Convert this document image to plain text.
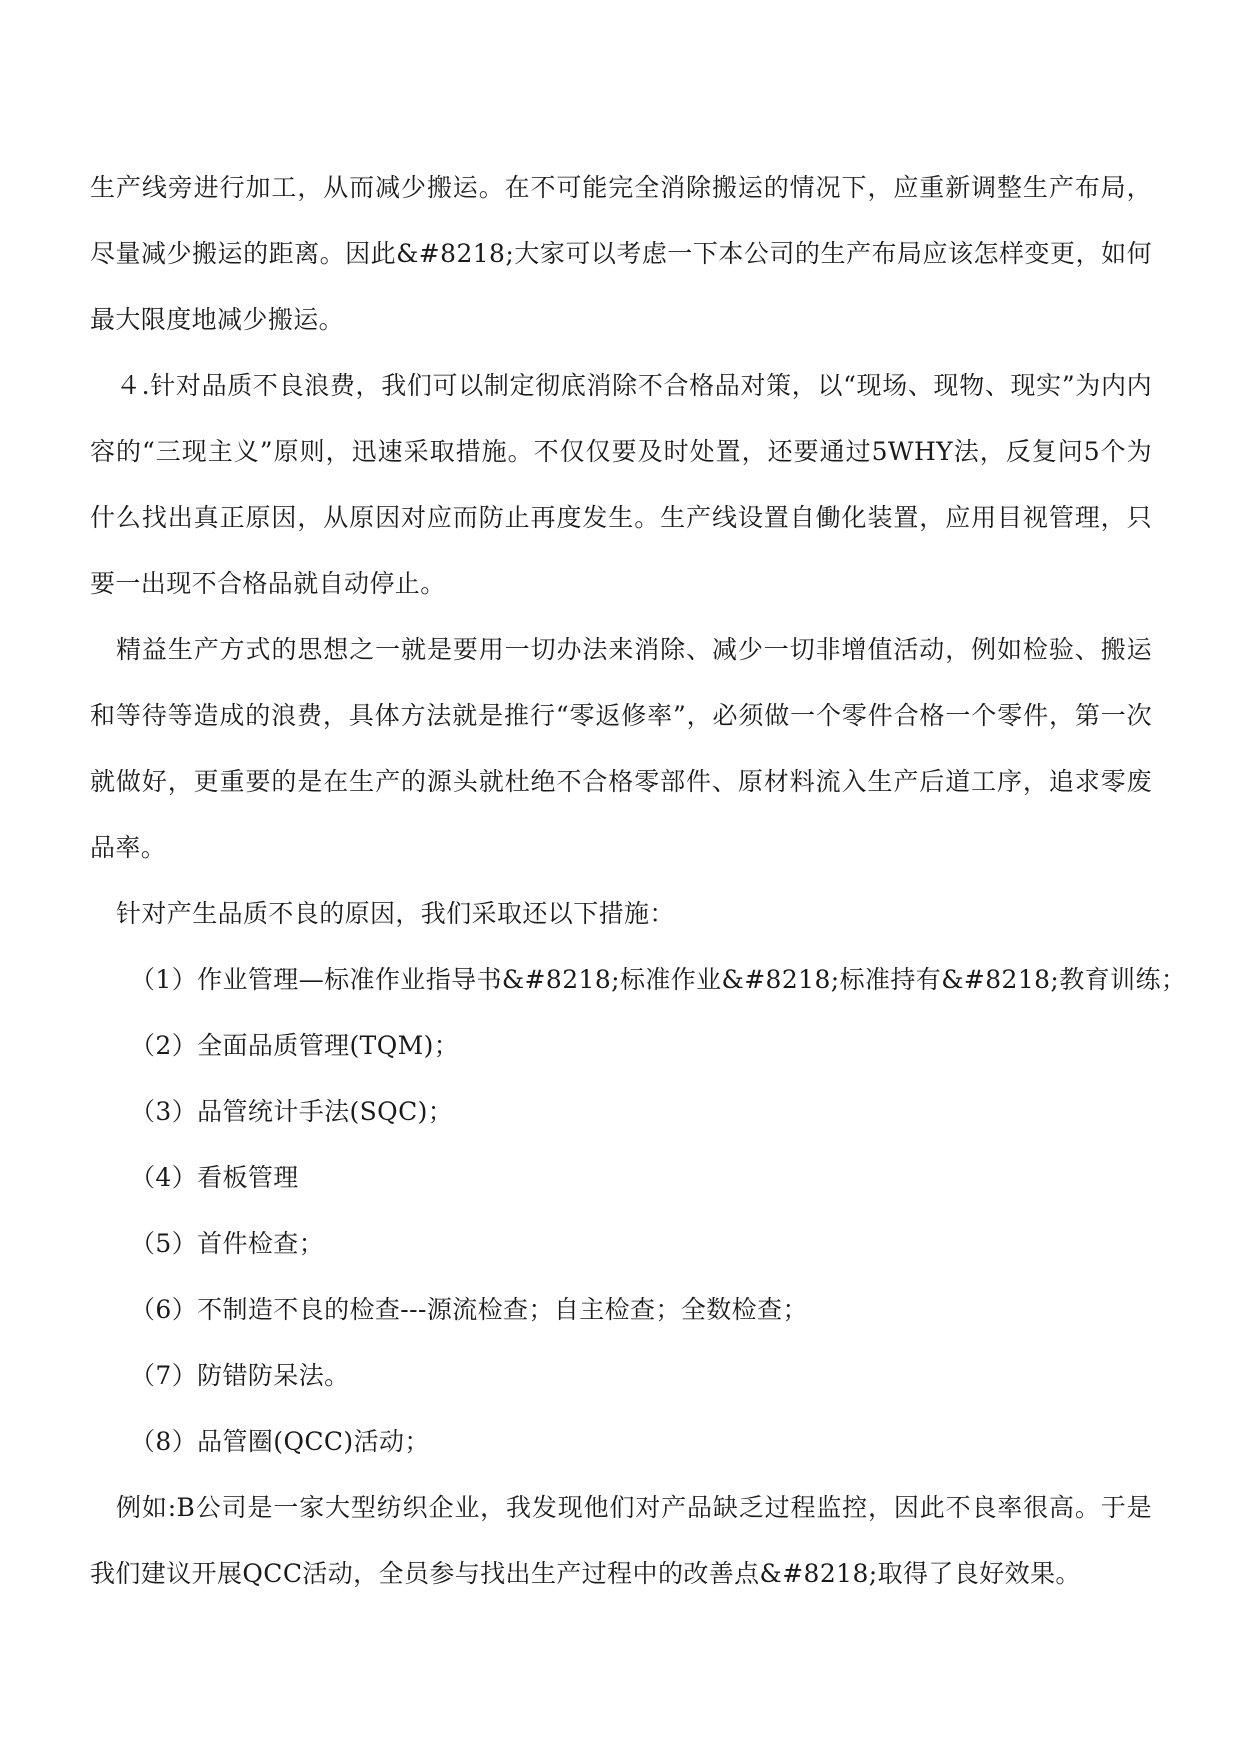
生产线旁进行加工，从而减少搬运。在不可能完全消除搬运的情况下，应重新调整生产布局，尽量减少搬运的距离。因此&#8218;大家可以考虑一下本公司的生产布局应该怎样变更，如何最大限度地减少搬运。

４.针对品质不良浪费，我们可以制定彻底消除不合格品对策，以“现场、现物、现实”为内内容的“三现主义”原则，迅速采取措施。不仅仅要及时处置，还要通过5WHY法，反复问5个为什么找出真正原因，从原因对应而防止再度发生。生产线设置自働化装置，应用目视管理，只要一出现不合格品就自动停止。

精益生产方式的思想之一就是要用一切办法来消除、减少一切非增值活动，例如检验、搬运和等待等造成的浪费，具体方法就是推行“零返修率”，必须做一个零件合格一个零件，第一次就做好，更重要的是在生产的源头就杜绝不合格零部件、原材料流入生产后道工序，追求零废品率。

针对产生品质不良的原因，我们采取还以下措施：

（1）作业管理—标准作业指导书&#8218;标准作业&#8218;标准持有&#8218;教育训练；

（2）全面品质管理(TQM)；

（3）品管统计手法(SQC)；

（4）看板管理

（5）首件检查；

（6）不制造不良的检查---源流检查；自主检查；全数检查；

（7）防错防呆法。

（8）品管圈(QCC)活动；

例如:B公司是一家大型纺织企业，我发现他们对产品缺乏过程监控，因此不良率很高。于是我们建议开展QCC活动，全员参与找出生产过程中的改善点&#8218;取得了良好效果。
